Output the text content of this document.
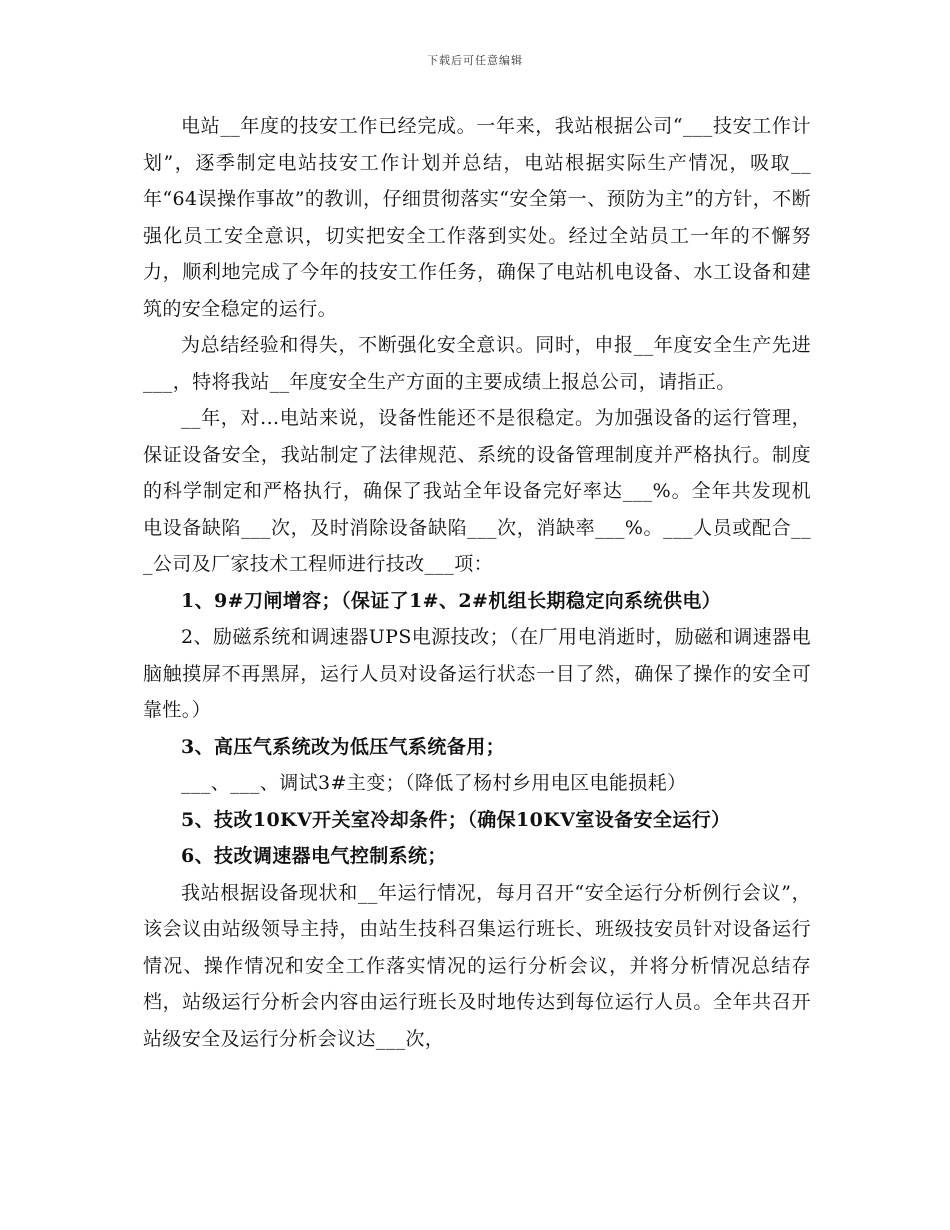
下载后可任意编辑

电站__年度的技安工作已经完成。一年来，我站根据公司“___技安工作计划”，逐季制定电站技安工作计划并总结，电站根据实际生产情况，吸取__年“64误操作事故”的教训，仔细贯彻落实“安全第一、预防为主”的方针，不断强化员工安全意识，切实把安全工作落到实处。经过全站员工一年的不懈努力，顺利地完成了今年的技安工作任务，确保了电站机电设备、水工设备和建筑的安全稳定的运行。

为总结经验和得失，不断强化安全意识。同时，申报__年度安全生产先进___，特将我站__年度安全生产方面的主要成绩上报总公司，请指正。

__年，对...电站来说，设备性能还不是很稳定。为加强设备的运行管理，保证设备安全，我站制定了法律规范、系统的设备管理制度并严格执行。制度的科学制定和严格执行，确保了我站全年设备完好率达___%。全年共发现机电设备缺陷___次，及时消除设备缺陷___次，消缺率___%。___人员或配合___公司及厂家技术工程师进行技改___项：

1、9#刀闸增容；（保证了1#、2#机组长期稳定向系统供电）

2、励磁系统和调速器UPS电源技改；（在厂用电消逝时，励磁和调速器电脑触摸屏不再黑屏，运行人员对设备运行状态一目了然，确保了操作的安全可靠性。）

3、高压气系统改为低压气系统备用；

___、___、调试3#主变；（降低了杨村乡用电区电能损耗）

5、技改10KV开关室冷却条件；（确保10KV室设备安全运行）

6、技改调速器电气控制系统；

我站根据设备现状和__年运行情况，每月召开“安全运行分析例行会议”，该会议由站级领导主持，由站生技科召集运行班长、班级技安员针对设备运行情况、操作情况和安全工作落实情况的运行分析会议，并将分析情况总结存档，站级运行分析会内容由运行班长及时地传达到每位运行人员。全年共召开站级安全及运行分析会议达___次，
